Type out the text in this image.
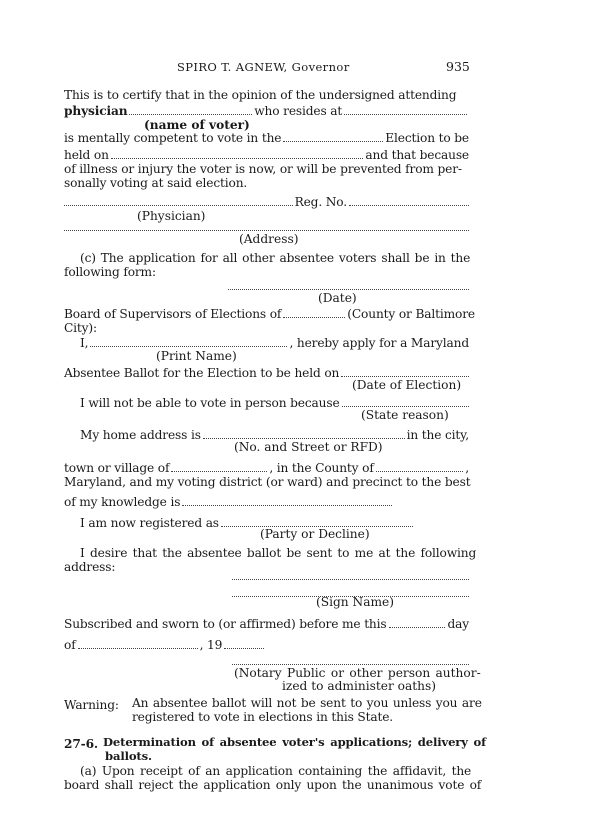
SPIRO T. AGNEW, Governor	935
This is to certify that in the opinion of the undersigned attending
physician	who resides at
(name of voter)
is mentally competent to vote in the	Election to be
held on	and that because
of illness or injury the voter is now, or will be prevented from per-
sonally voting at said election.
Reg. No.
(Physician)
(Address)
(c) The application for all other absentee voters shall be in the
following form:
(Date)
Board of Supervisors of Elections of	(County or Baltimore
City):
I,	, hereby apply for a Maryland
(Print Name)
Absentee Ballot for the Election to be held on
(Date of Election)
I will not be able to vote in person because
(State reason)
My home address is	in the city,
(No. and Street or RFD)
town or village of	, in the County of	,
Maryland, and my voting district (or ward) and precinct to the best
of my knowledge is
I am now registered as
(Party or Decline)
I desire that the absentee ballot be sent to me at the following
address:
(Sign Name)
Subscribed and sworn to (or affirmed) before me this	day
of	, 19
(Notary Public or other person author-
ized to administer oaths)
Warning: An absentee ballot will not be sent to you unless you are
registered to vote in elections in this State.
27-6. Determination of absentee voter's applications; delivery of
ballots.
(a) Upon receipt of an application containing the affidavit, the
board shall reject the application only upon the unanimous vote of
